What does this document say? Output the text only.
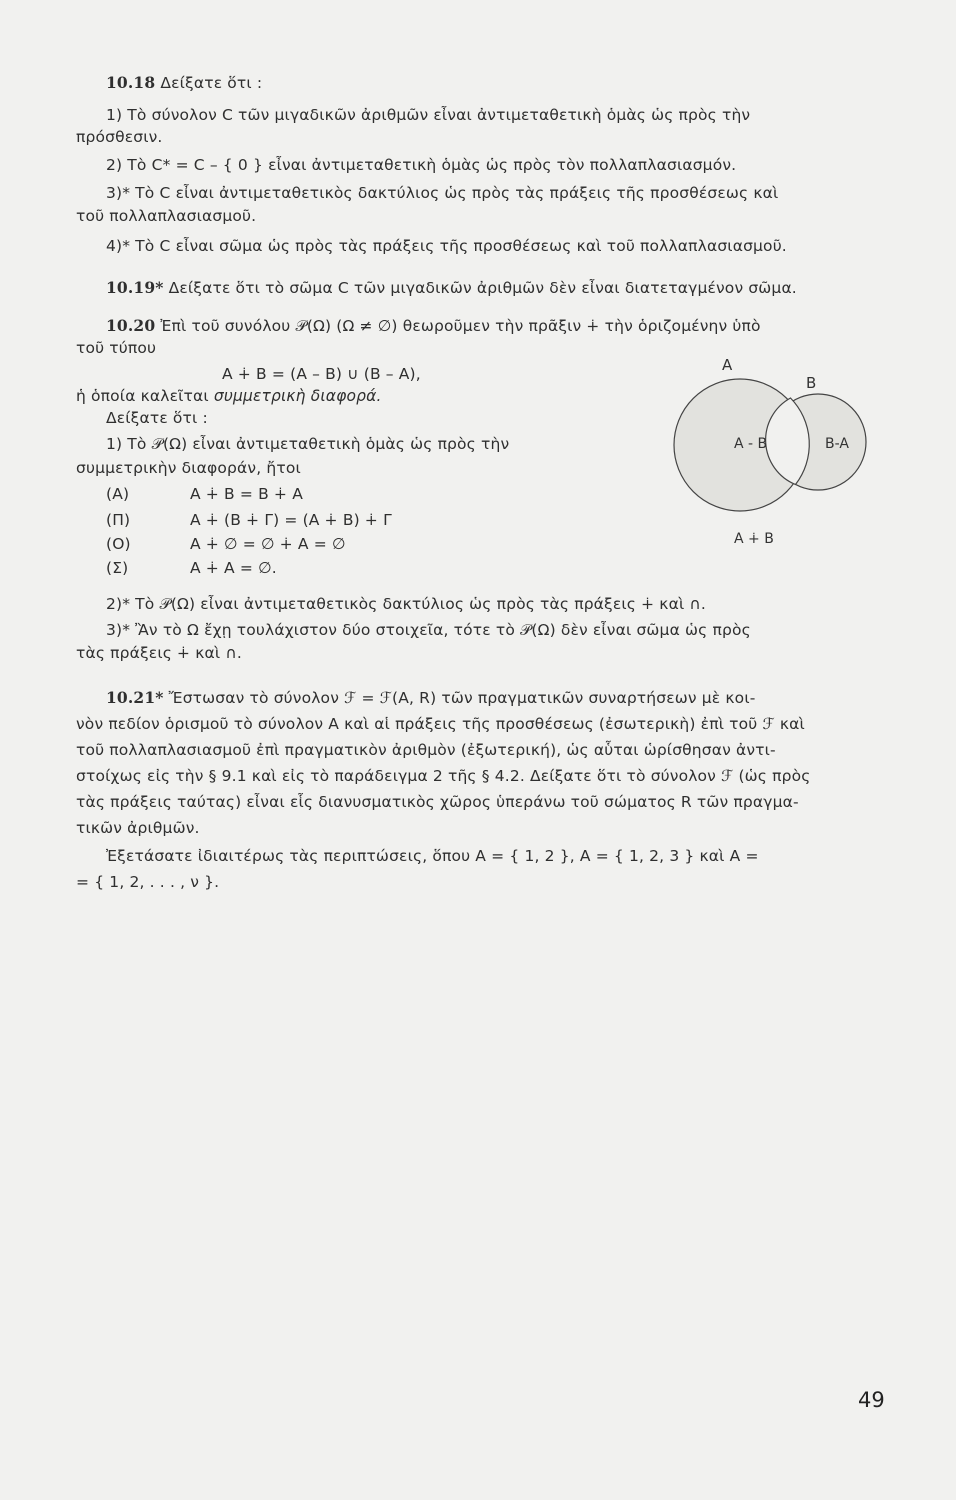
10.18 Δείξατε ὅτι :
1) Τὸ σύνολον C τῶν μιγαδικῶν ἀριθμῶν εἶναι ἀντιμεταθετικὴ ὁμὰς ὡς πρὸς τὴν
πρόσθεσιν.
2) Τὸ C* = C – { 0 } εἶναι ἀντιμεταθετικὴ ὁμὰς ὡς πρὸς τὸν πολλαπλασιασμόν.
3)* Τὸ C εἶναι ἀντιμεταθετικὸς δακτύλιος ὡς πρὸς τὰς πράξεις τῆς προσθέσεως καὶ
τοῦ πολλαπλασιασμοῦ.
4)* Τὸ C εἶναι σῶμα ὡς πρὸς τὰς πράξεις τῆς προσθέσεως καὶ τοῦ πολλαπλασιασμοῦ.
10.19* Δείξατε ὅτι τὸ σῶμα C τῶν μιγαδικῶν ἀριθμῶν δὲν εἶναι διατεταγμένον σῶμα.
10.20 Ἐπὶ τοῦ συνόλου 𝒫(Ω) (Ω ≠ ∅) θεωροῦμεν τὴν πρᾶξιν ∔ τὴν ὁριζομένην ὑπὸ
τοῦ τύπου
A ∔ B = (A – B) ∪ (B – A),
ἡ ὁποία καλεῖται συμμετρικὴ διαφορά.
Δείξατε ὅτι :
1) Τὸ 𝒫(Ω) εἶναι ἀντιμεταθετικὴ ὁμὰς ὡς πρὸς τὴν
συμμετρικὴν διαφοράν, ἤτοι
(Α)	A ∔ B = B ∔ A
(Π)	A ∔ (B ∔ Γ) = (A ∔ B) ∔ Γ
(Ο)	A ∔ ∅ = ∅ ∔ A = ∅
(Σ)	A ∔ A = ∅.
2)* Τὸ 𝒫(Ω) εἶναι ἀντιμεταθετικὸς δακτύλιος ὡς πρὸς τὰς πράξεις ∔ καὶ ∩.
3)* Ἂν τὸ Ω ἔχῃ τουλάχιστον δύο στοιχεῖα, τότε τὸ 𝒫(Ω) δὲν εἶναι σῶμα ὡς πρὸς
τὰς πράξεις ∔ καὶ ∩.
A
B
A - B	B-A
A ∔ B
10.21* Ἔστωσαν τὸ σύνολον ℱ = ℱ(A, R) τῶν πραγματικῶν συναρτήσεων μὲ κοι-
νὸν πεδίον ὁρισμοῦ τὸ σύνολον A καὶ αἱ πράξεις τῆς προσθέσεως (ἐσωτερικὴ) ἐπὶ τοῦ ℱ καὶ
τοῦ πολλαπλασιασμοῦ ἐπὶ πραγματικὸν ἀριθμὸν (ἐξωτερική), ὡς αὗται ὡρίσθησαν ἀντι-
στοίχως εἰς τὴν § 9.1 καὶ εἰς τὸ παράδειγμα 2 τῆς § 4.2. Δείξατε ὅτι τὸ σύνολον ℱ (ὡς πρὸς
τὰς πράξεις ταύτας) εἶναι εἷς διανυσματικὸς χῶρος ὑπεράνω τοῦ σώματος R τῶν πραγμα-
τικῶν ἀριθμῶν.
Ἐξετάσατε ἰδιαιτέρως τὰς περιπτώσεις, ὅπου A = { 1, 2 }, A = { 1, 2, 3 } καὶ A =
= { 1, 2, . . . , ν }.
49
